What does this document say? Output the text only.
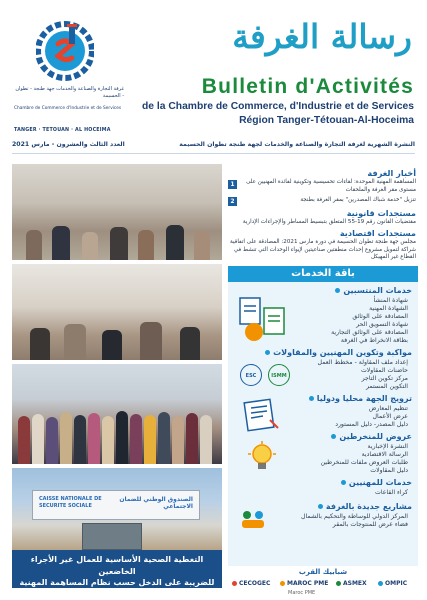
غرفة التجارة والصناعة والخدمات جهة طنجة - تطوان - الحسيمة
Chambre de Commerce d'Industrie et de Services
TANGER · TETOUAN · AL HOCEIMA
رسالة الغرفة
Bulletin d'Activités
de la Chambre de Commerce, d'Industrie et de Services
Région Tanger-Tétouan-Al-Hoceima
النشرة الشهرية لغرفة التجارة والصناعة والخدمات لجهة طنجة تطوان الحسيمة
العدد الثالث والعشرون - مارس 2021
CAISSE NATIONALE DE SECURITE SOCIALE
الصندوق الوطني للضمان الاجتماعي
التغطية الصحية الأساسية للعمال غير الأجراء الخاضعين
للضريبة على الدخل حسب نظام المساهمة المهنية الموحدة
أخبار الغرفة
1	المساهمة المهنية الموحدة: لقاءات تحسيسية وتكوينية لفائدة المهنيين على مستوى مقر الغرفة والملحقات
2	تنزيل "خدمة شباك المصدرين" بمقر الغرفة بطنجة
مستجدات قانونية
مقتضيات القانون رقم 19-55 المتعلق بتبسيط المساطر والإجراءات الإدارية
مستجدات اقتصادية
مجلس جهة طنجة تطوان الحسيمة في دورة مارس 2021: المصادقة على اتفاقية شراكة لتمويل مشروع إحداث منطقتين صناعيتين لإيواء الوحدات التي تنشط في القطاع غير المهيكل
باقة الخدمات
خدمات المنتسبين
شهادة المنشأ
الشهادة المهنية
المصادقة على الوثائق
شهادة التسويق الحر
المصادقة على الوثائق التجارية
بطاقة الانخراط في الغرفة
مواكبة وتكوين المهنيين والمقاولات
إعداد ملف المقاولة - مخطط العمل
حاضنات المقاولات
مركز تكوين التاجر
التكوين المستمر
ESC	ISMM
ترويج الجهة محليا ودوليا
تنظيم المعارض
عرض الأعمال
دليل المصدر- دليل المستورد
عروض للمنخرطين
النشرة الإخبارية
الرسالة الاقتصادية
طلبات العروض ملفات للمنخرطين
دليل المقاولات
خدمات للمهنيين
كراء القاعات
مشاريع جديدة بالغرفة
المركز الدولي للوساطة والتحكيم بالشمال
فضاء عرض للمنتوجات بالمقر
شبابيك القرب
CECOGEC	MAROC PME	ASMEX	OMPIC
Maroc PME
